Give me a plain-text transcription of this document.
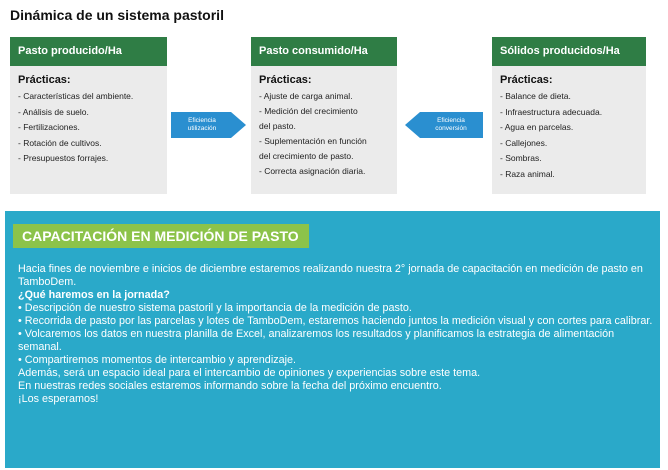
Dinámica de un sistema pastoril
Pasto producido/Ha
Prácticas:
- Características del ambiente.
- Análisis de suelo.
- Fertilizaciones.
- Rotación de cultivos.
- Presupuestos forrajes.
Eficiencia
utilización
Pasto consumido/Ha
Prácticas:
- Ajuste de carga animal.
- Medición del crecimiento
del pasto.
- Suplementación en función
del crecimiento de pasto.
- Correcta asignación diaria.
Eficiencia
conversión
Sólidos producidos/Ha
Prácticas:
- Balance de dieta.
- Infraestructura adecuada.
- Agua en parcelas.
- Callejones.
- Sombras.
- Raza animal.
CAPACITACIÓN EN MEDICIÓN DE PASTO
Hacia fines de noviembre e inicios de diciembre estaremos realizando nuestra 2° jornada de capacitación en medición de pasto en TamboDem.
¿Qué haremos en la jornada?
• Descripción de nuestro sistema pastoril y la importancia de la medición de pasto.
• Recorrida de pasto por las parcelas y lotes de TamboDem, estaremos haciendo juntos la medición visual y con cortes para calibrar.
• Volcaremos los datos en nuestra planilla de Excel, analizaremos los resultados y planificamos la estrategia de alimentación semanal.
• Compartiremos momentos de intercambio y aprendizaje.
Además, será un espacio ideal para el intercambio de opiniones y experiencias sobre este tema.
En nuestras redes sociales estaremos informando sobre la fecha del próximo encuentro.
¡Los esperamos!
